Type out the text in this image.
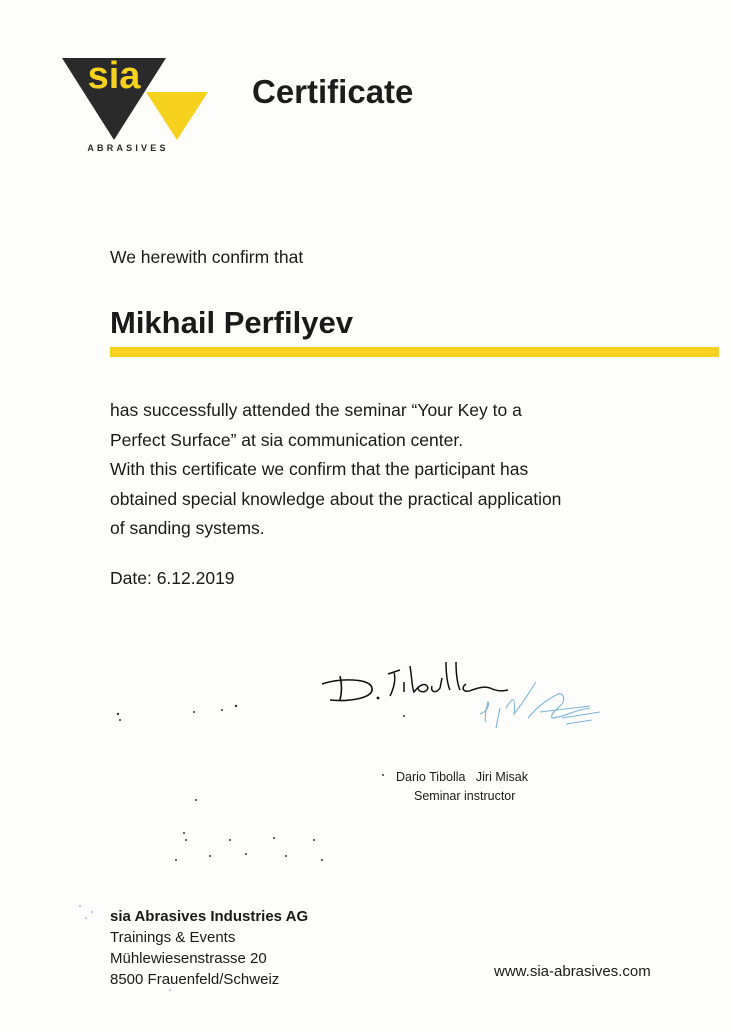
sia
ABRASIVES
Certificate
We herewith confirm that
Mikhail Perfilyev
has successfully attended the seminar “Your Key to a
Perfect Surface” at sia communication center.
With this certificate we confirm that the participant has
obtained special knowledge about the practical application
of sanding systems.
Date: 6.12.2019
Dario Tibolla   Jiri Misak
Seminar instructor
sia Abrasives Industries AG
Trainings & Events
Mühlewiesenstrasse 20
8500 Frauenfeld/Schweiz	www.sia-abrasives.com
